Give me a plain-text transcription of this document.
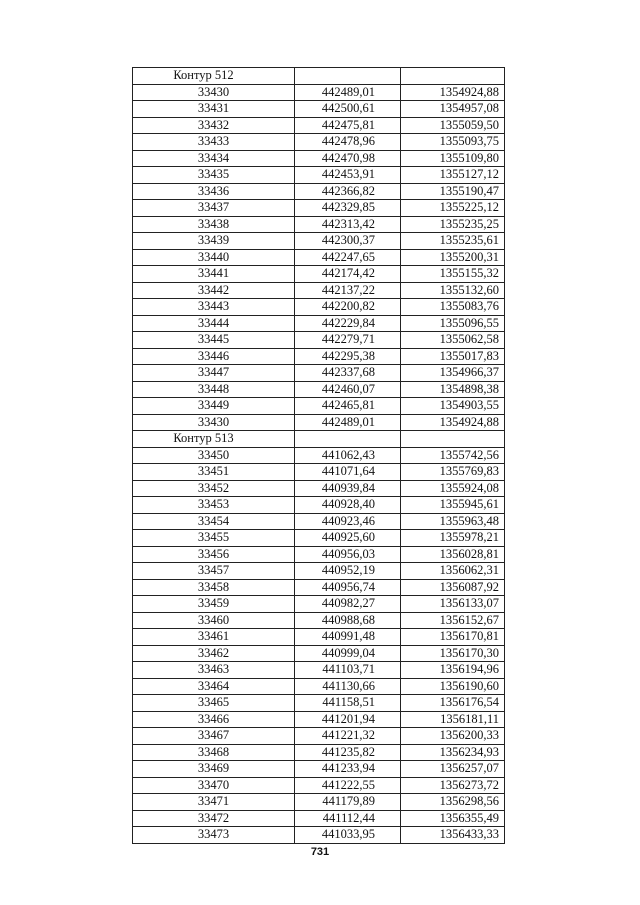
Контур 512		
33430	442489,01	1354924,88
33431	442500,61	1354957,08
33432	442475,81	1355059,50
33433	442478,96	1355093,75
33434	442470,98	1355109,80
33435	442453,91	1355127,12
33436	442366,82	1355190,47
33437	442329,85	1355225,12
33438	442313,42	1355235,25
33439	442300,37	1355235,61
33440	442247,65	1355200,31
33441	442174,42	1355155,32
33442	442137,22	1355132,60
33443	442200,82	1355083,76
33444	442229,84	1355096,55
33445	442279,71	1355062,58
33446	442295,38	1355017,83
33447	442337,68	1354966,37
33448	442460,07	1354898,38
33449	442465,81	1354903,55
33430	442489,01	1354924,88
Контур 513		
33450	441062,43	1355742,56
33451	441071,64	1355769,83
33452	440939,84	1355924,08
33453	440928,40	1355945,61
33454	440923,46	1355963,48
33455	440925,60	1355978,21
33456	440956,03	1356028,81
33457	440952,19	1356062,31
33458	440956,74	1356087,92
33459	440982,27	1356133,07
33460	440988,68	1356152,67
33461	440991,48	1356170,81
33462	440999,04	1356170,30
33463	441103,71	1356194,96
33464	441130,66	1356190,60
33465	441158,51	1356176,54
33466	441201,94	1356181,11
33467	441221,32	1356200,33
33468	441235,82	1356234,93
33469	441233,94	1356257,07
33470	441222,55	1356273,72
33471	441179,89	1356298,56
33472	441112,44	1356355,49
33473	441033,95	1356433,33
731
